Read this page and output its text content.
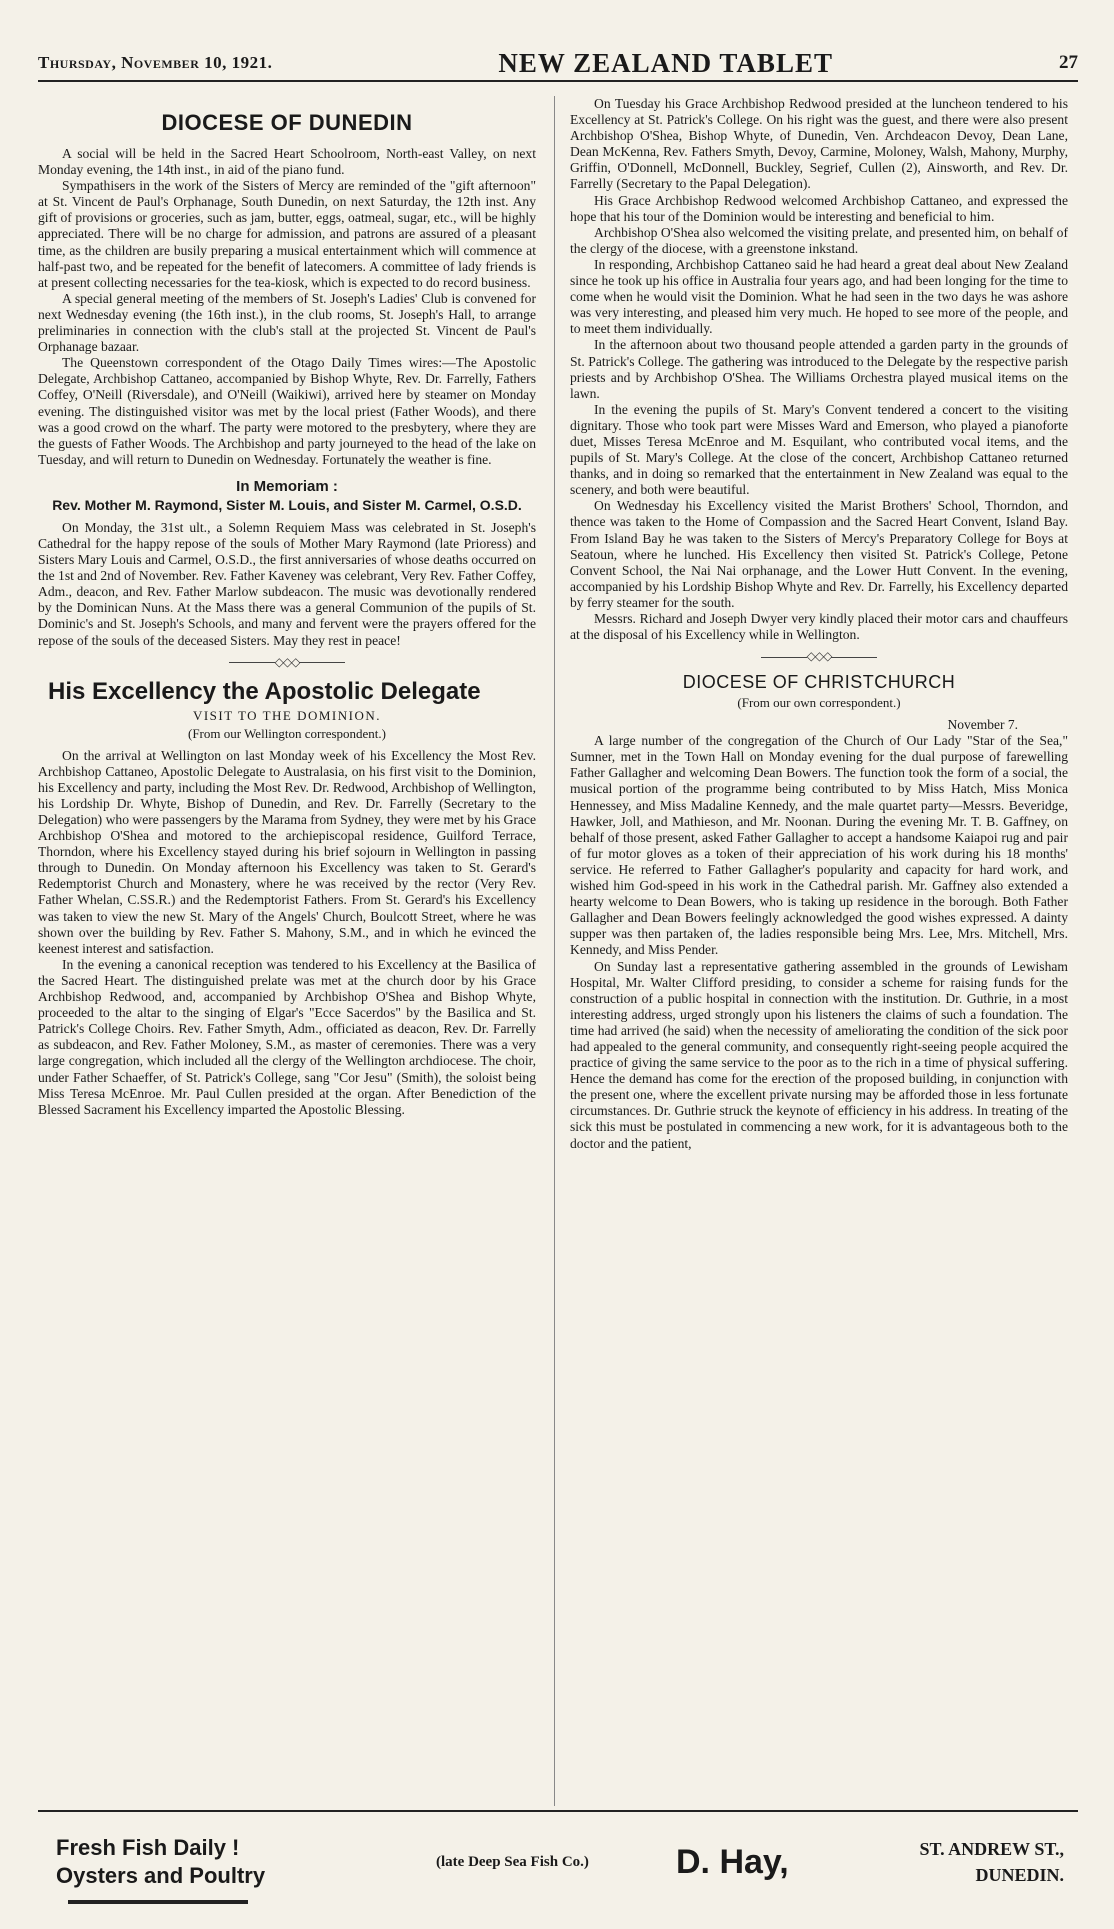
Thursday, November 10, 1921.	NEW ZEALAND TABLET	27
DIOCESE OF DUNEDIN

A social will be held in the Sacred Heart Schoolroom, North-east Valley, on next Monday evening, the 14th inst., in aid of the piano fund.

Sympathisers in the work of the Sisters of Mercy are reminded of the "gift afternoon" at St. Vincent de Paul's Orphanage, South Dunedin, on next Saturday, the 12th inst. Any gift of provisions or groceries, such as jam, butter, eggs, oatmeal, sugar, etc., will be highly appreciated. There will be no charge for admission, and patrons are assured of a pleasant time, as the children are busily preparing a musical entertainment which will commence at half-past two, and be repeated for the benefit of latecomers. A committee of lady friends is at present collecting necessaries for the tea-kiosk, which is expected to do record business.

A special general meeting of the members of St. Joseph's Ladies' Club is convened for next Wednesday evening (the 16th inst.), in the club rooms, St. Joseph's Hall, to arrange preliminaries in connection with the club's stall at the projected St. Vincent de Paul's Orphanage bazaar.

The Queenstown correspondent of the Otago Daily Times wires:—The Apostolic Delegate, Archbishop Cattaneo, accompanied by Bishop Whyte, Rev. Dr. Farrelly, Fathers Coffey, O'Neill (Riversdale), and O'Neill (Waikiwi), arrived here by steamer on Monday evening. The distinguished visitor was met by the local priest (Father Woods), and there was a good crowd on the wharf. The party were motored to the presbytery, where they are the guests of Father Woods. The Archbishop and party journeyed to the head of the lake on Tuesday, and will return to Dunedin on Wednesday. Fortunately the weather is fine.

In Memoriam :
Rev. Mother M. Raymond, Sister M. Louis, and Sister M. Carmel, O.S.D.

On Monday, the 31st ult., a Solemn Requiem Mass was celebrated in St. Joseph's Cathedral for the happy repose of the souls of Mother Mary Raymond (late Prioress) and Sisters Mary Louis and Carmel, O.S.D., the first anniversaries of whose deaths occurred on the 1st and 2nd of November. Rev. Father Kaveney was celebrant, Very Rev. Father Coffey, Adm., deacon, and Rev. Father Marlow subdeacon. The music was devotionally rendered by the Dominican Nuns. At the Mass there was a general Communion of the pupils of St. Dominic's and St. Joseph's Schools, and many and fervent were the prayers offered for the repose of the souls of the deceased Sisters. May they rest in peace!

◇◇◇
His Excellency the Apostolic Delegate
VISIT TO THE DOMINION.
(From our Wellington correspondent.)

On the arrival at Wellington on last Monday week of his Excellency the Most Rev. Archbishop Cattaneo, Apostolic Delegate to Australasia, on his first visit to the Dominion, his Excellency and party, including the Most Rev. Dr. Redwood, Archbishop of Wellington, his Lordship Dr. Whyte, Bishop of Dunedin, and Rev. Dr. Farrelly (Secretary to the Delegation) who were passengers by the Marama from Sydney, they were met by his Grace Archbishop O'Shea and motored to the archiepiscopal residence, Guilford Terrace, Thorndon, where his Excellency stayed during his brief sojourn in Wellington in passing through to Dunedin. On Monday afternoon his Excellency was taken to St. Gerard's Redemptorist Church and Monastery, where he was received by the rector (Very Rev. Father Whelan, C.SS.R.) and the Redemptorist Fathers. From St. Gerard's his Excellency was taken to view the new St. Mary of the Angels' Church, Boulcott Street, where he was shown over the building by Rev. Father S. Mahony, S.M., and in which he evinced the keenest interest and satisfaction.

In the evening a canonical reception was tendered to his Excellency at the Basilica of the Sacred Heart. The distinguished prelate was met at the church door by his Grace Archbishop Redwood, and, accompanied by Archbishop O'Shea and Bishop Whyte, proceeded to the altar to the singing of Elgar's "Ecce Sacerdos" by the Basilica and St. Patrick's College Choirs. Rev. Father Smyth, Adm., officiated as deacon, Rev. Dr. Farrelly as subdeacon, and Rev. Father Moloney, S.M., as master of ceremonies. There was a very large congregation, which included all the clergy of the Wellington archdiocese. The choir, under Father Schaeffer, of St. Patrick's College, sang "Cor Jesu" (Smith), the soloist being Miss Teresa McEnroe. Mr. Paul Cullen presided at the organ. After Benediction of the Blessed Sacrament his Excellency imparted the Apostolic Blessing.

On Tuesday his Grace Archbishop Redwood presided at the luncheon tendered to his Excellency at St. Patrick's College. On his right was the guest, and there were also present Archbishop O'Shea, Bishop Whyte, of Dunedin, Ven. Archdeacon Devoy, Dean Lane, Dean McKenna, Rev. Fathers Smyth, Devoy, Carmine, Moloney, Walsh, Mahony, Murphy, Griffin, O'Donnell, McDonnell, Buckley, Segrief, Cullen (2), Ainsworth, and Rev. Dr. Farrelly (Secretary to the Papal Delegation).

His Grace Archbishop Redwood welcomed Archbishop Cattaneo, and expressed the hope that his tour of the Dominion would be interesting and beneficial to him.

Archbishop O'Shea also welcomed the visiting prelate, and presented him, on behalf of the clergy of the diocese, with a greenstone inkstand.

In responding, Archbishop Cattaneo said he had heard a great deal about New Zealand since he took up his office in Australia four years ago, and had been longing for the time to come when he would visit the Dominion. What he had seen in the two days he was ashore was very interesting, and pleased him very much. He hoped to see more of the people, and to meet them individually.

In the afternoon about two thousand people attended a garden party in the grounds of St. Patrick's College. The gathering was introduced to the Delegate by the respective parish priests and by Archbishop O'Shea. The Williams Orchestra played musical items on the lawn.

In the evening the pupils of St. Mary's Convent tendered a concert to the visiting dignitary. Those who took part were Misses Ward and Emerson, who played a pianoforte duet, Misses Teresa McEnroe and M. Esquilant, who contributed vocal items, and the pupils of St. Mary's College. At the close of the concert, Archbishop Cattaneo returned thanks, and in doing so remarked that the entertainment in New Zealand was equal to the scenery, and both were beautiful.

On Wednesday his Excellency visited the Marist Brothers' School, Thorndon, and thence was taken to the Home of Compassion and the Sacred Heart Convent, Island Bay. From Island Bay he was taken to the Sisters of Mercy's Preparatory College for Boys at Seatoun, where he lunched. His Excellency then visited St. Patrick's College, Petone Convent School, the Nai Nai orphanage, and the Lower Hutt Convent. In the evening, accompanied by his Lordship Bishop Whyte and Rev. Dr. Farrelly, his Excellency departed by ferry steamer for the south.

Messrs. Richard and Joseph Dwyer very kindly placed their motor cars and chauffeurs at the disposal of his Excellency while in Wellington.

◇◇◇
DIOCESE OF CHRISTCHURCH
(From our own correspondent.)
November 7.

A large number of the congregation of the Church of Our Lady "Star of the Sea," Sumner, met in the Town Hall on Monday evening for the dual purpose of farewelling Father Gallagher and welcoming Dean Bowers. The function took the form of a social, the musical portion of the programme being contributed to by Miss Hatch, Miss Monica Hennessey, and Miss Madaline Kennedy, and the male quartet party—Messrs. Beveridge, Hawker, Joll, and Mathieson, and Mr. Noonan. During the evening Mr. T. B. Gaffney, on behalf of those present, asked Father Gallagher to accept a handsome Kaiapoi rug and pair of fur motor gloves as a token of their appreciation of his work during his 18 months' service. He referred to Father Gallagher's popularity and capacity for hard work, and wished him God-speed in his work in the Cathedral parish. Mr. Gaffney also extended a hearty welcome to Dean Bowers, who is taking up residence in the borough. Both Father Gallagher and Dean Bowers feelingly acknowledged the good wishes expressed. A dainty supper was then partaken of, the ladies responsible being Mrs. Lee, Mrs. Mitchell, Mrs. Kennedy, and Miss Pender.

On Sunday last a representative gathering assembled in the grounds of Lewisham Hospital, Mr. Walter Clifford presiding, to consider a scheme for raising funds for the construction of a public hospital in connection with the institution. Dr. Guthrie, in a most interesting address, urged strongly upon his listeners the claims of such a foundation. The time had arrived (he said) when the necessity of ameliorating the condition of the sick poor had appealed to the general community, and consequently right-seeing people acquired the practice of giving the same service to the poor as to the rich in a time of physical suffering. Hence the demand has come for the erection of the proposed building, in conjunction with the present one, where the excellent private nursing may be afforded those in less fortunate circumstances. Dr. Guthrie struck the keynote of efficiency in his address. In treating of the sick this must be postulated in commencing a new work, for it is advantageous both to the doctor and the patient,

Fresh Fish Daily !
Oysters and Poultry
(late Deep Sea Fish Co.)	D. Hay,	ST. ANDREW ST.,
DUNEDIN.
